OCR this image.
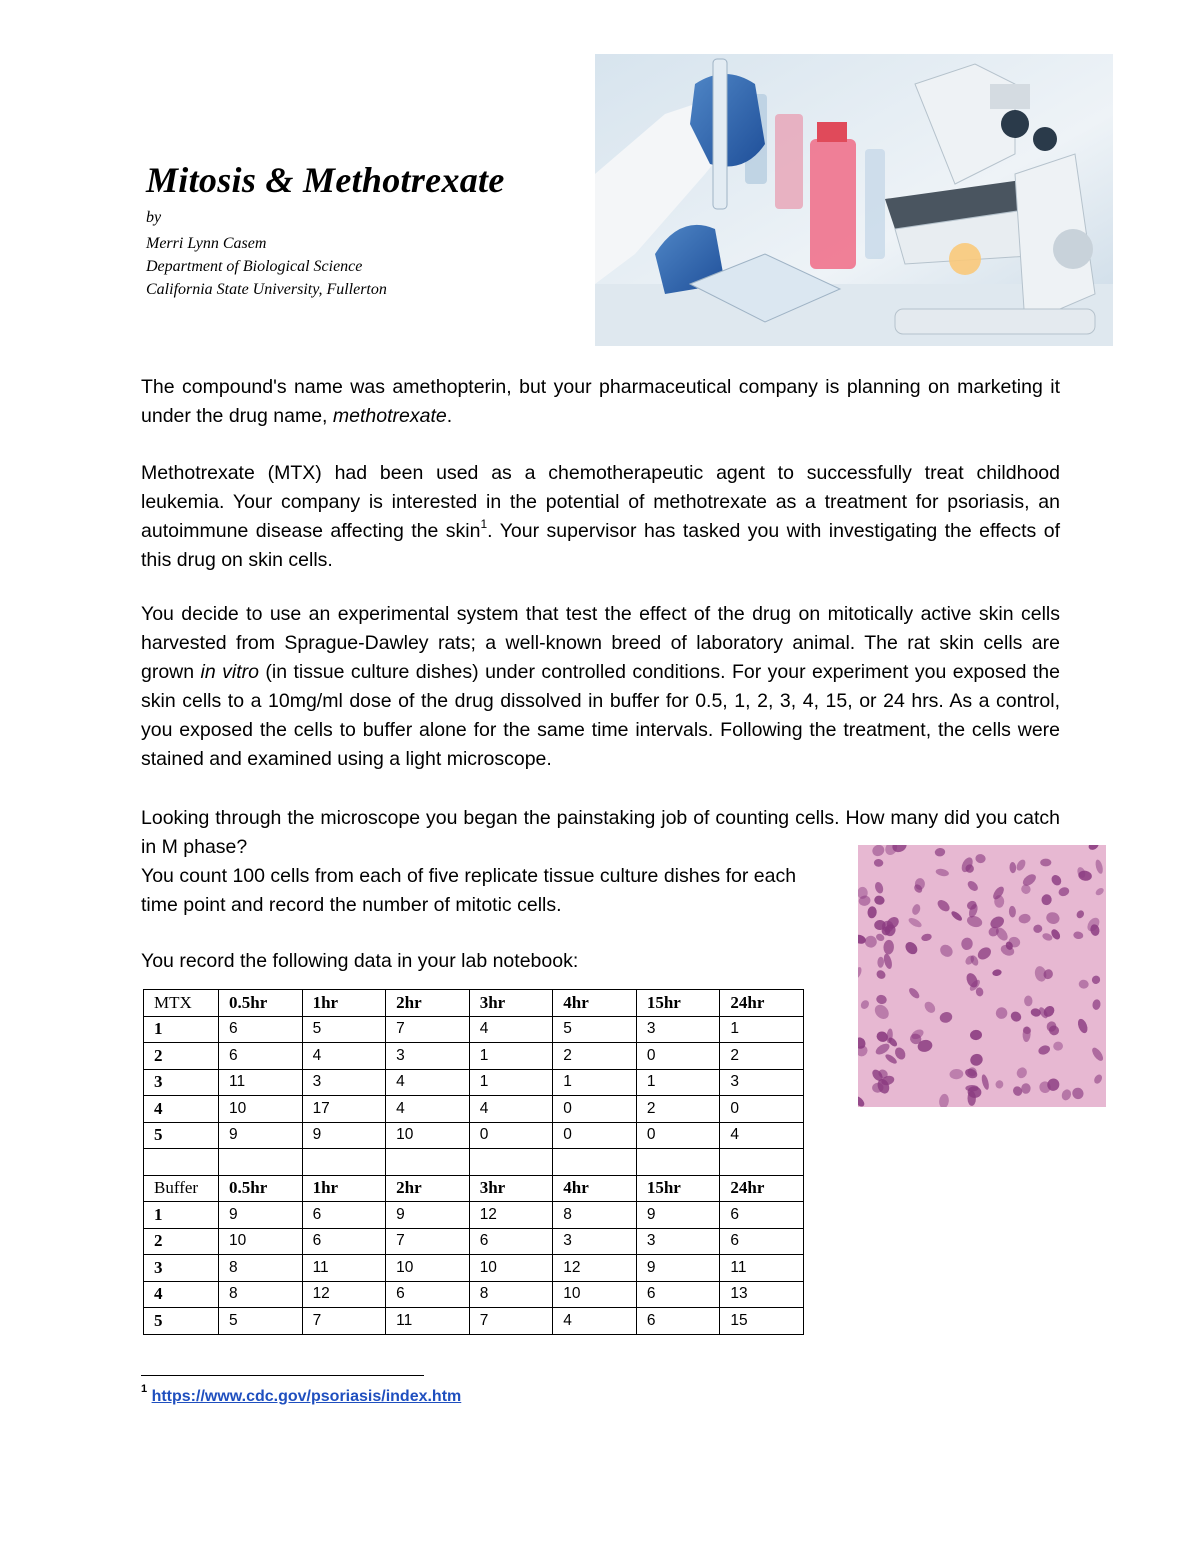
Mitosis & Methotrexate

by

Merri Lynn Casem

Department of Biological Science

California State University, Fullerton

The compound's name was amethopterin, but your pharmaceutical company is planning on marketing it under the drug name, methotrexate.

Methotrexate (MTX) had been used as a chemotherapeutic agent to successfully treat childhood leukemia. Your company is interested in the potential of methotrexate as a treatment for psoriasis, an autoimmune disease affecting the skin$^1$. Your supervisor has tasked you with investigating the effects of this drug on skin cells.

You decide to use an experimental system that test the effect of the drug on mitotically active skin cells harvested from Sprague-Dawley rats; a well-known breed of laboratory animal. The rat skin cells are grown in vitro (in tissue culture dishes) under controlled conditions. For your experiment you exposed the skin cells to a 10mg/ml dose of the drug dissolved in buffer for 0.5, 1, 2, 3, 4, 15, or 24 hrs. As a control, you exposed the cells to buffer alone for the same time intervals. Following the treatment, the cells were stained and examined using a light microscope.

Looking through the microscope you began the painstaking job of counting cells. How many did you catch in M phase?
You count 100 cells from each of five replicate tissue culture dishes for each time point and record the number of mitotic cells.

You record the following data in your lab notebook:

MTX	0.5hr	1hr	2hr	3hr	4hr	15hr	24hr
1	6	5	7	4	5	3	1
2	6	4	3	1	2	0	2
3	11	3	4	1	1	1	3
4	10	17	4	4	0	2	0
5	9	9	10	0	0	0	4

Buffer	0.5hr	1hr	2hr	3hr	4hr	15hr	24hr
1	9	6	9	12	8	9	6
2	10	6	7	6	3	3	6
3	8	11	10	10	12	9	11
4	8	12	6	8	10	6	13
5	5	7	11	7	4	6	15
$^1$ https://www.cdc.gov/psoriasis/index.htm
